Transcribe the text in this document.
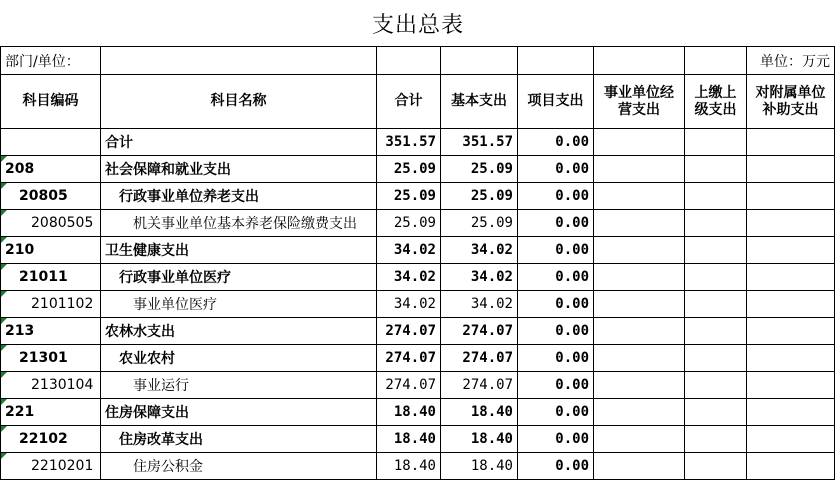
支出总表
部门/单位：							单位：万元
科目编码	科目名称	合计	基本支出	项目支出	事业单位经营支出	上缴上级支出	对附属单位补助支出
	合计	351.57	351.57	0.00			
208	社会保障和就业支出	25.09	25.09	0.00			
20805	行政事业单位养老支出	25.09	25.09	0.00			
2080505	机关事业单位基本养老保险缴费支出	25.09	25.09	0.00			
210	卫生健康支出	34.02	34.02	0.00			
21011	行政事业单位医疗	34.02	34.02	0.00			
2101102	事业单位医疗	34.02	34.02	0.00			
213	农林水支出	274.07	274.07	0.00			
21301	农业农村	274.07	274.07	0.00			
2130104	事业运行	274.07	274.07	0.00			
221	住房保障支出	18.40	18.40	0.00			
22102	住房改革支出	18.40	18.40	0.00			
2210201	住房公积金	18.40	18.40	0.00			
